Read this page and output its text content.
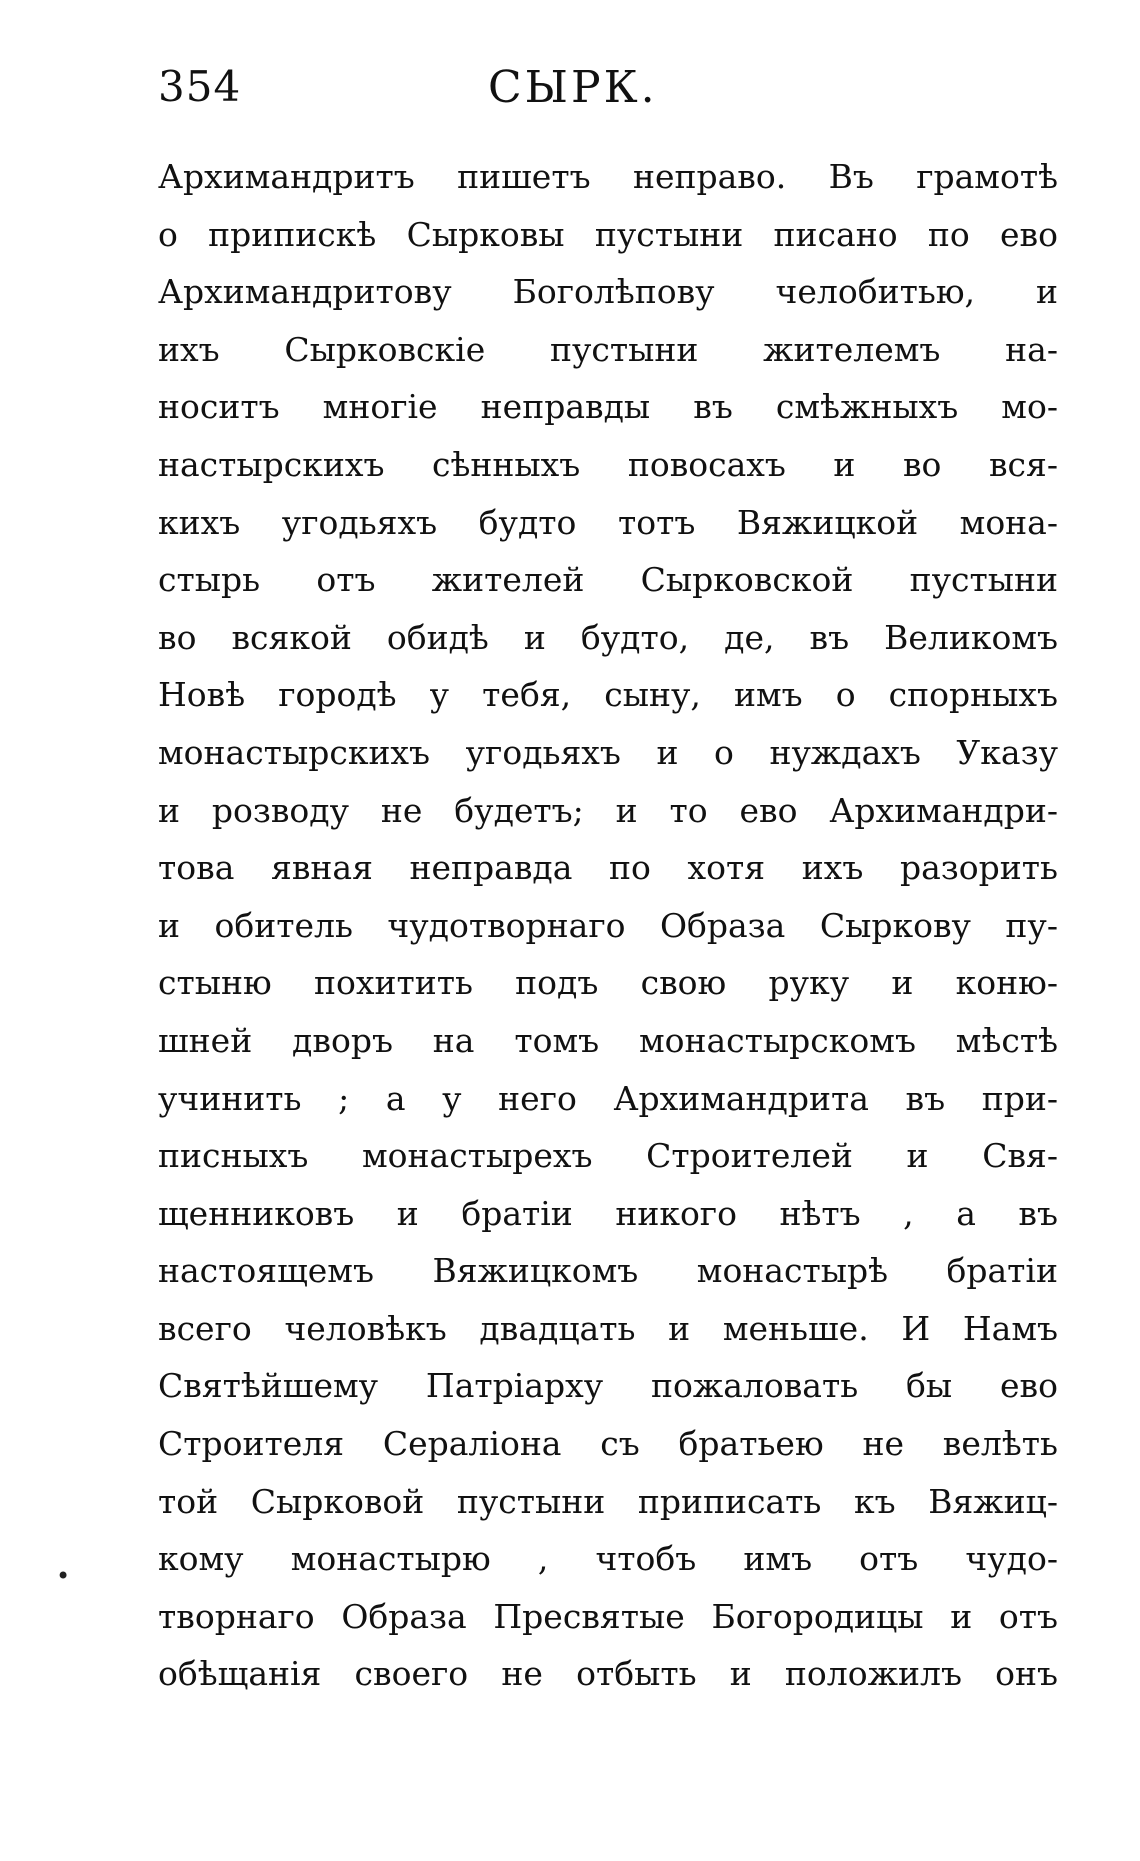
354	СЫРК.
Архимандритъ пишетъ неправо. Въ грамотѣ
о припискѣ Сырковы пустыни писано по ево
Архимандритову Боголѣпову челобитью, и
ихъ Сырковскіе пустыни жителемъ на-
носитъ многіе неправды въ смѣжныхъ мо-
настырскихъ сѣнныхъ повосахъ и во вся-
кихъ угодьяхъ будто тотъ Вяжицкой мона-
стырь отъ жителей Сырковской пустыни
во всякой обидѣ и будто, де, въ Великомъ
Новѣ городѣ у тебя, сыну, имъ о спорныхъ
монастырскихъ угодьяхъ и о нуждахъ Указу
и розводу не будетъ; и то ево Архимандри-
това явная неправда по хотя ихъ разорить
и обитель чудотворнаго Образа Сыркову пу-
стыню похитить подъ свою руку и коню-
шней дворъ на томъ монастырскомъ мѣстѣ
учинить ; а у него Архимандрита въ при-
писныхъ монастырехъ Строителей и Свя-
щенниковъ и братіи никого нѣтъ , а въ
настоящемъ Вяжицкомъ монастырѣ братіи
всего человѣкъ двадцать и меньше. И Намъ
Святѣйшему Патріарху пожаловать бы ево
Строителя Сераліона съ братьею не велѣть
той Сырковой пустыни приписать къ Вяжиц-
кому монастырю , чтобъ имъ отъ чудо-
творнаго Образа Пресвятые Богородицы и отъ
обѣщанія своего не отбыть и положилъ онъ
•
